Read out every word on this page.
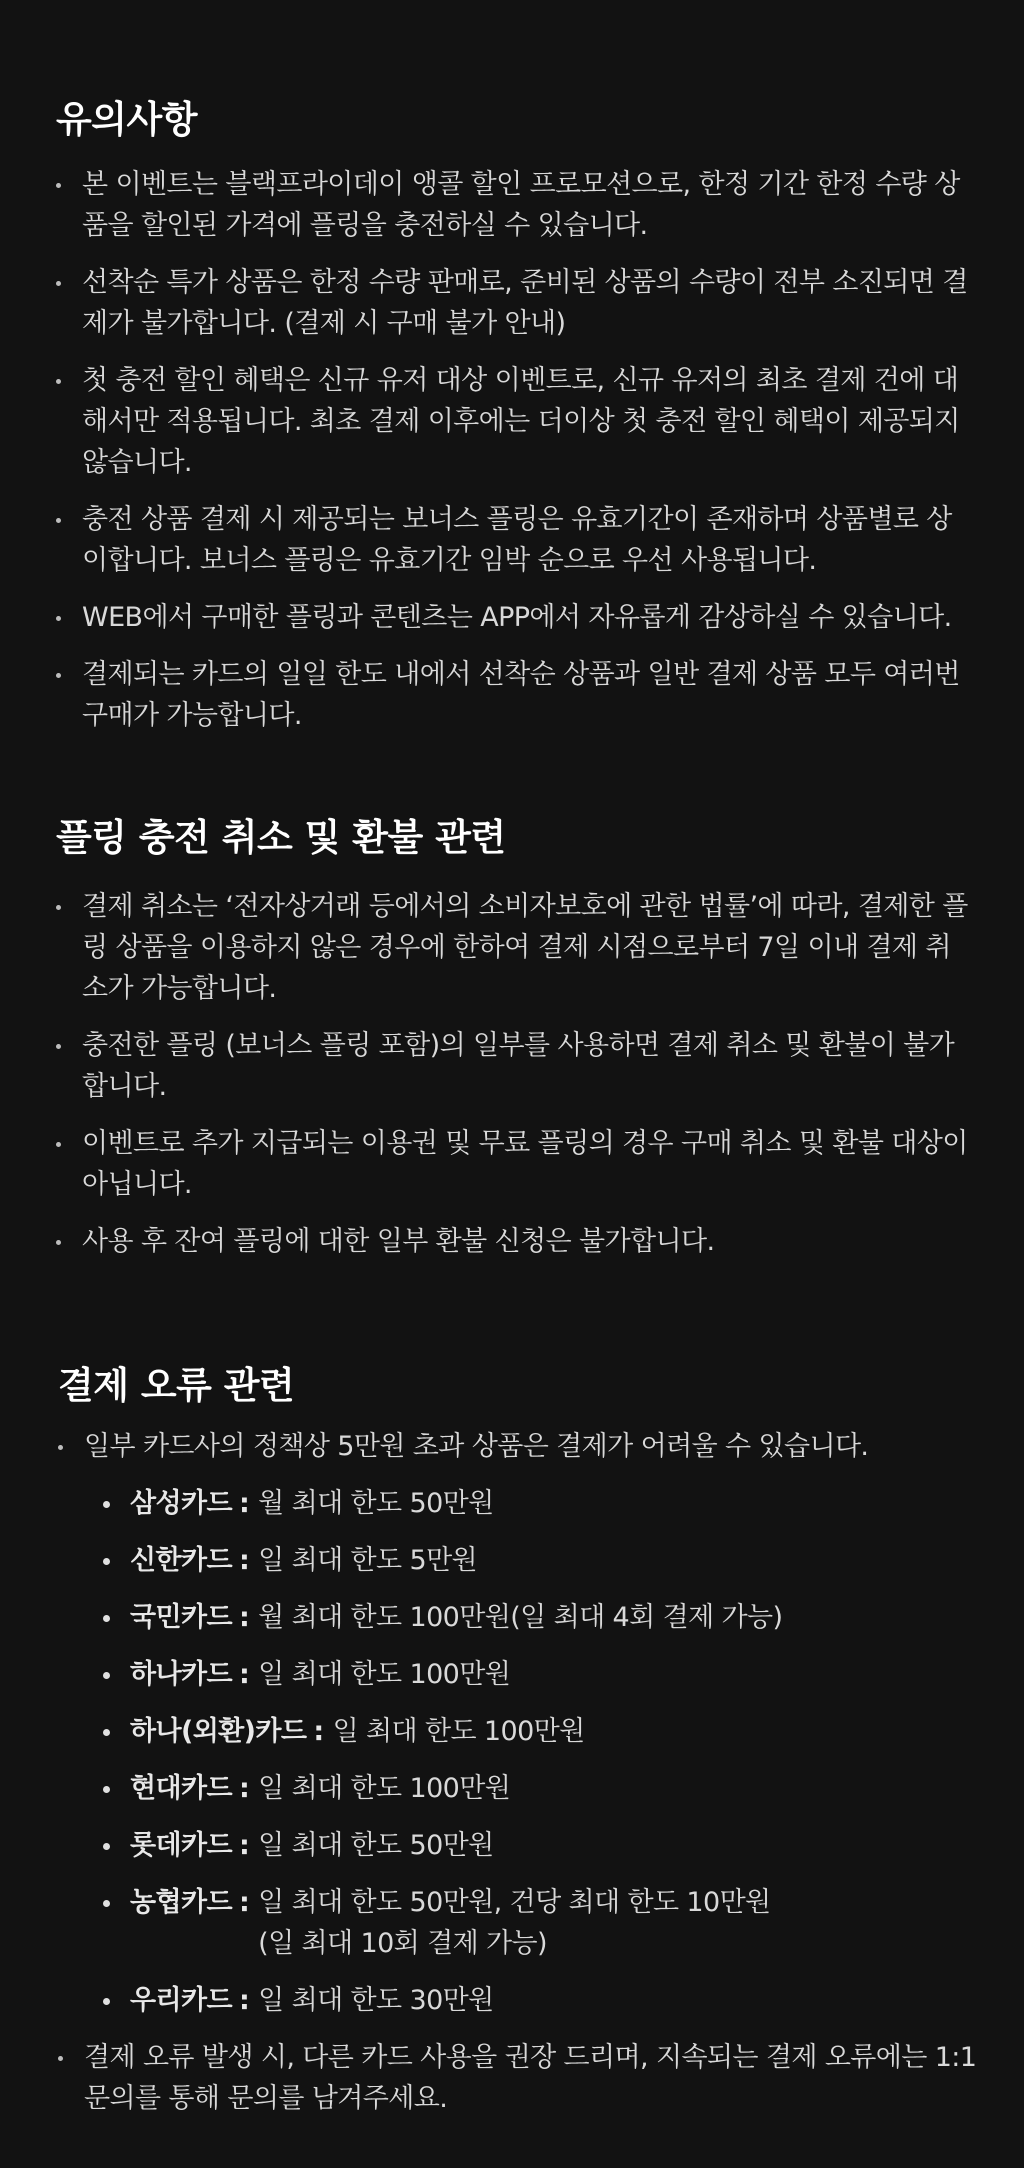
유의사항
본 이벤트는 블랙프라이데이 앵콜 할인 프로모션으로, 한정 기간 한정 수량 상품을 할인된 가격에 플링을 충전하실 수 있습니다.
선착순 특가 상품은 한정 수량 판매로, 준비된 상품의 수량이 전부 소진되면 결제가 불가합니다. (결제 시 구매 불가 안내)
첫 충전 할인 혜택은 신규 유저 대상 이벤트로, 신규 유저의 최초 결제 건에 대해서만 적용됩니다. 최초 결제 이후에는 더이상 첫 충전 할인 혜택이 제공되지 않습니다.
충전 상품 결제 시 제공되는 보너스 플링은 유효기간이 존재하며 상품별로 상이합니다. 보너스 플링은 유효기간 임박 순으로 우선 사용됩니다.
WEB에서 구매한 플링과 콘텐츠는 APP에서 자유롭게 감상하실 수 있습니다.
결제되는 카드의 일일 한도 내에서 선착순 상품과 일반 결제 상품 모두 여러번 구매가 가능합니다.
플링 충전 취소 및 환불 관련
결제 취소는 ‘전자상거래 등에서의 소비자보호에 관한 법률’에 따라, 결제한 플링 상품을 이용하지 않은 경우에 한하여 결제 시점으로부터 7일 이내 결제 취소가 가능합니다.
충전한 플링 (보너스 플링 포함)의 일부를 사용하면 결제 취소 및 환불이 불가합니다.
이벤트로 추가 지급되는 이용권 및 무료 플링의 경우 구매 취소 및 환불 대상이 아닙니다.
사용 후 잔여 플링에 대한 일부 환불 신청은 불가합니다.
결제 오류 관련
일부 카드사의 정책상 5만원 초과 상품은 결제가 어려울 수 있습니다.
삼성카드 : 월 최대 한도 50만원
신한카드 : 일 최대 한도 5만원
국민카드 : 월 최대 한도 100만원(일 최대 4회 결제 가능)
하나카드 : 일 최대 한도 100만원
하나(외환)카드 : 일 최대 한도 100만원
현대카드 : 일 최대 한도 100만원
롯데카드 : 일 최대 한도 50만원
농협카드 : 일 최대 한도 50만원, 건당 최대 한도 10만원
(일 최대 10회 결제 가능)
우리카드 : 일 최대 한도 30만원
결제 오류 발생 시, 다른 카드 사용을 권장 드리며, 지속되는 결제 오류에는 1:1 문의를 통해 문의를 남겨주세요.
